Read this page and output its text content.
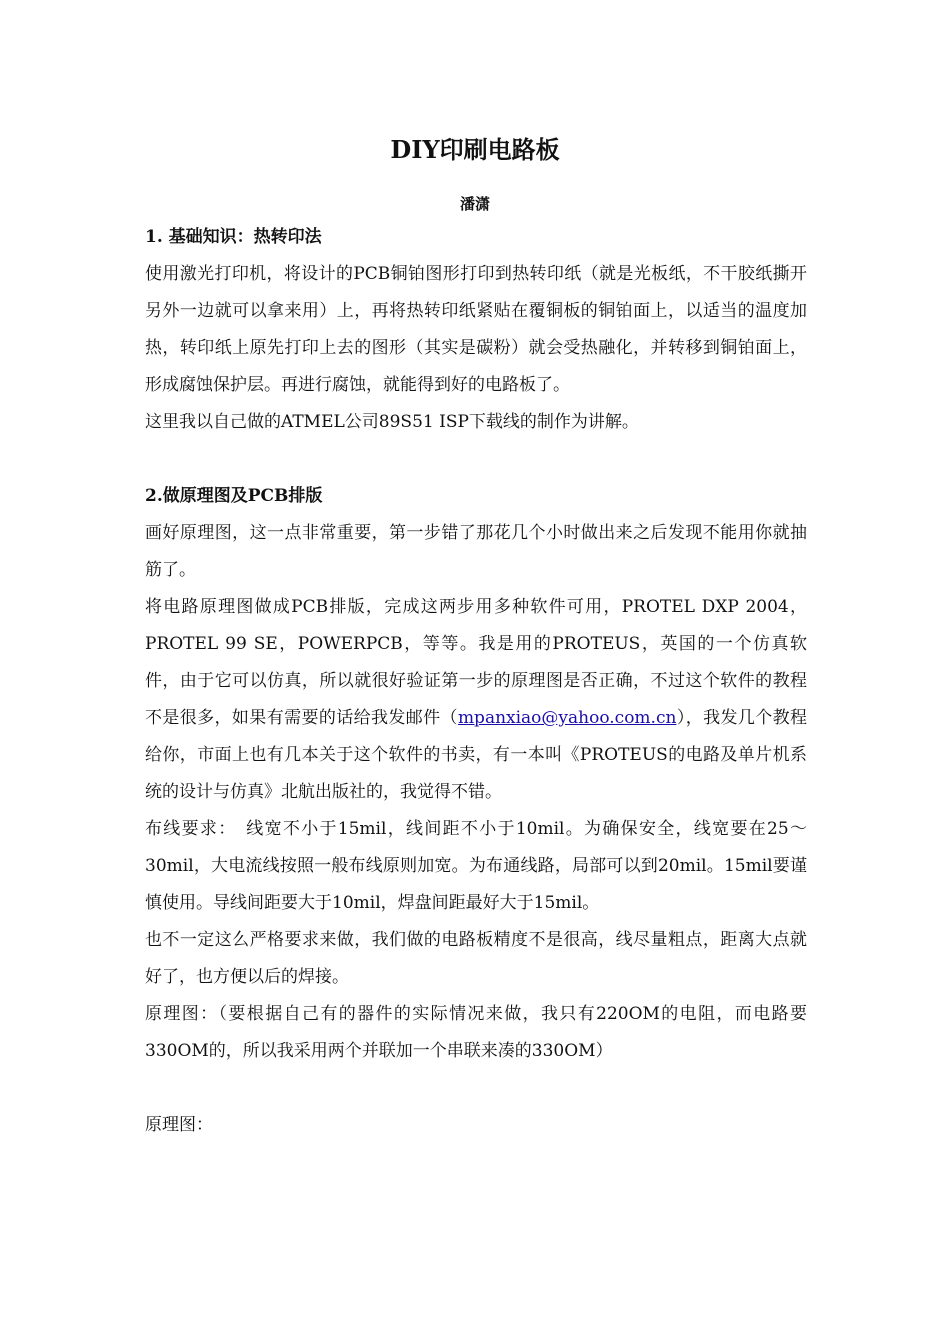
DIY印刷电路板
潘潇

1. 基础知识：热转印法

使用激光打印机，将设计的PCB铜铂图形打印到热转印纸（就是光板纸，不干胶纸撕开另外一边就可以拿来用）上，再将热转印纸紧贴在覆铜板的铜铂面上，以适当的温度加热，转印纸上原先打印上去的图形（其实是碳粉）就会受热融化，并转移到铜铂面上，形成腐蚀保护层。再进行腐蚀，就能得到好的电路板了。

这里我以自己做的ATMEL公司89S51 ISP下载线的制作为讲解。

2.做原理图及PCB排版

画好原理图，这一点非常重要，第一步错了那花几个小时做出来之后发现不能用你就抽筋了。

将电路原理图做成PCB排版，完成这两步用多种软件可用，PROTEL DXP 2004，PROTEL 99 SE，POWERPCB，等等。我是用的PROTEUS，英国的一个仿真软件，由于它可以仿真，所以就很好验证第一步的原理图是否正确，不过这个软件的教程不是很多，如果有需要的话给我发邮件（mpanxiao@yahoo.com.cn），我发几个教程给你，市面上也有几本关于这个软件的书卖，有一本叫《PROTEUS的电路及单片机系统的设计与仿真》北航出版社的，我觉得不错。

布线要求：　线宽不小于15mil，线间距不小于10mil。为确保安全，线宽要在25～30mil，大电流线按照一般布线原则加宽。为布通线路，局部可以到20mil。15mil要谨慎使用。导线间距要大于10mil，焊盘间距最好大于15mil。

也不一定这么严格要求来做，我们做的电路板精度不是很高，线尽量粗点，距离大点就好了，也方便以后的焊接。

原理图：（要根据自己有的器件的实际情况来做，我只有220OM的电阻，而电路要330OM的，所以我采用两个并联加一个串联来凑的330OM）

原理图：
